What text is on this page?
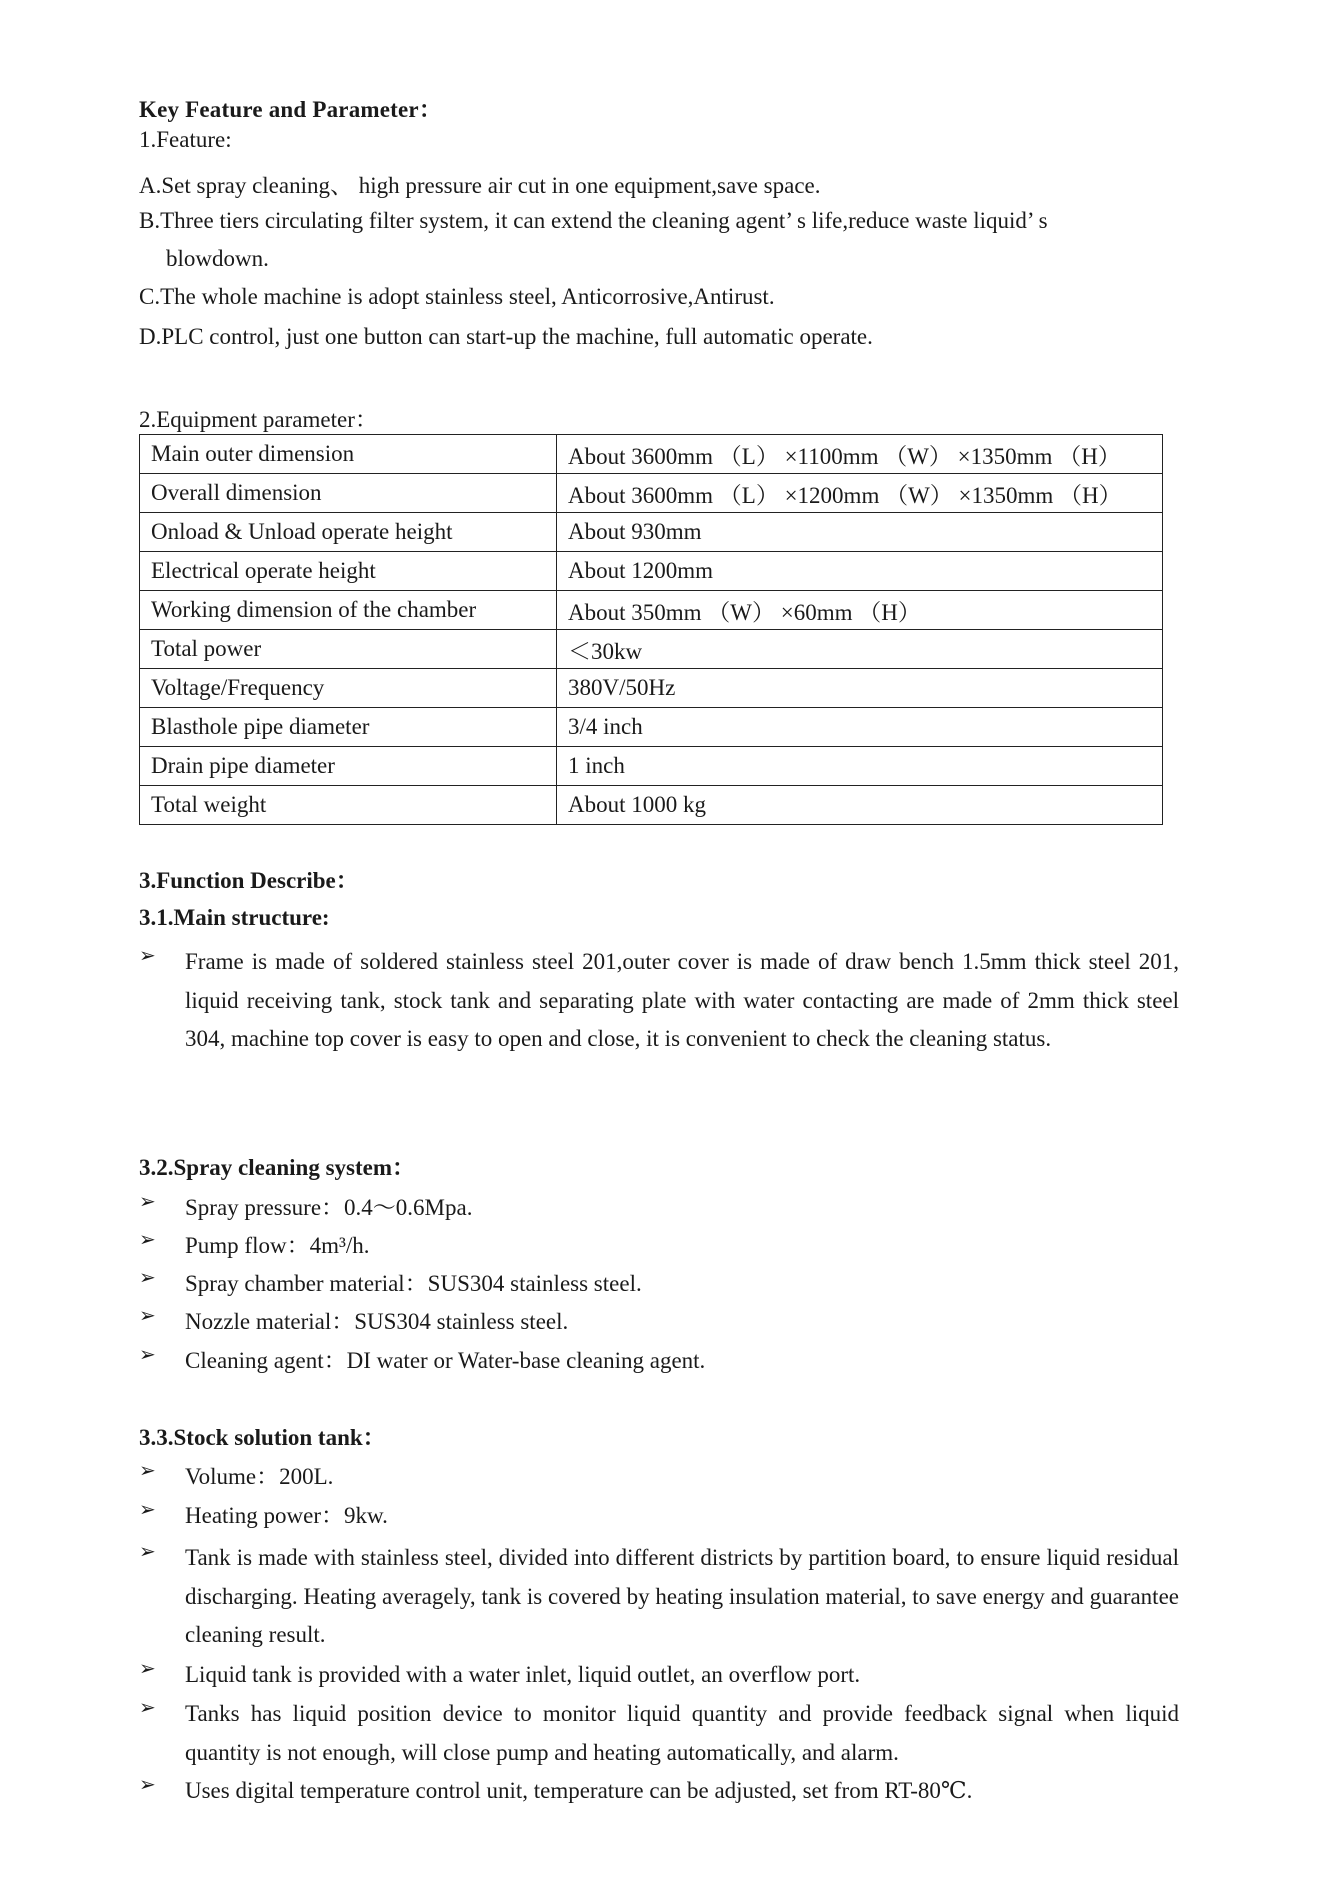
Key Feature and Parameter：
1.Feature:
A.Set spray cleaning、 high pressure air cut in one equipment,save space.
B.Three tiers circulating filter system, it can extend the cleaning agent’ s life,reduce waste liquid’ s
blowdown.
C.The whole machine is adopt stainless steel, Anticorrosive,Antirust.
D.PLC control, just one button can start-up the machine, full automatic operate.
2.Equipment parameter：
Main outer dimension	About 3600mm （L） ×1100mm （W） ×1350mm （H）
Overall dimension	About 3600mm （L） ×1200mm （W） ×1350mm （H）
Onload & Unload operate height	About 930mm
Electrical operate height	About 1200mm
Working dimension of the chamber	About 350mm （W） ×60mm （H）
Total power	＜30kw
Voltage/Frequency	380V/50Hz
Blasthole pipe diameter	3/4 inch
Drain pipe diameter	1 inch
Total weight	About 1000 kg
3.Function Describe：
3.1.Main structure:
➢ Frame is made of soldered stainless steel 201,outer cover is made of draw bench 1.5mm thick steel 201, liquid receiving tank, stock tank and separating plate with water contacting are made of 2mm thick steel 304, machine top cover is easy to open and close, it is convenient to check the cleaning status.
3.2.Spray cleaning system：
➢ Spray pressure：0.4～0.6Mpa.
➢ Pump flow：4m³/h.
➢ Spray chamber material：SUS304 stainless steel.
➢ Nozzle material：SUS304 stainless steel.
➢ Cleaning agent：DI water or Water-base cleaning agent.
3.3.Stock solution tank：
➢ Volume：200L.
➢ Heating power：9kw.
➢ Tank is made with stainless steel, divided into different districts by partition board, to ensure liquid residual discharging. Heating averagely, tank is covered by heating insulation material, to save energy and guarantee cleaning result.
➢ Liquid tank is provided with a water inlet, liquid outlet, an overflow port.
➢ Tanks has liquid position device to monitor liquid quantity and provide feedback signal when liquid quantity is not enough, will close pump and heating automatically, and alarm.
➢ Uses digital temperature control unit, temperature can be adjusted, set from RT-80℃.
